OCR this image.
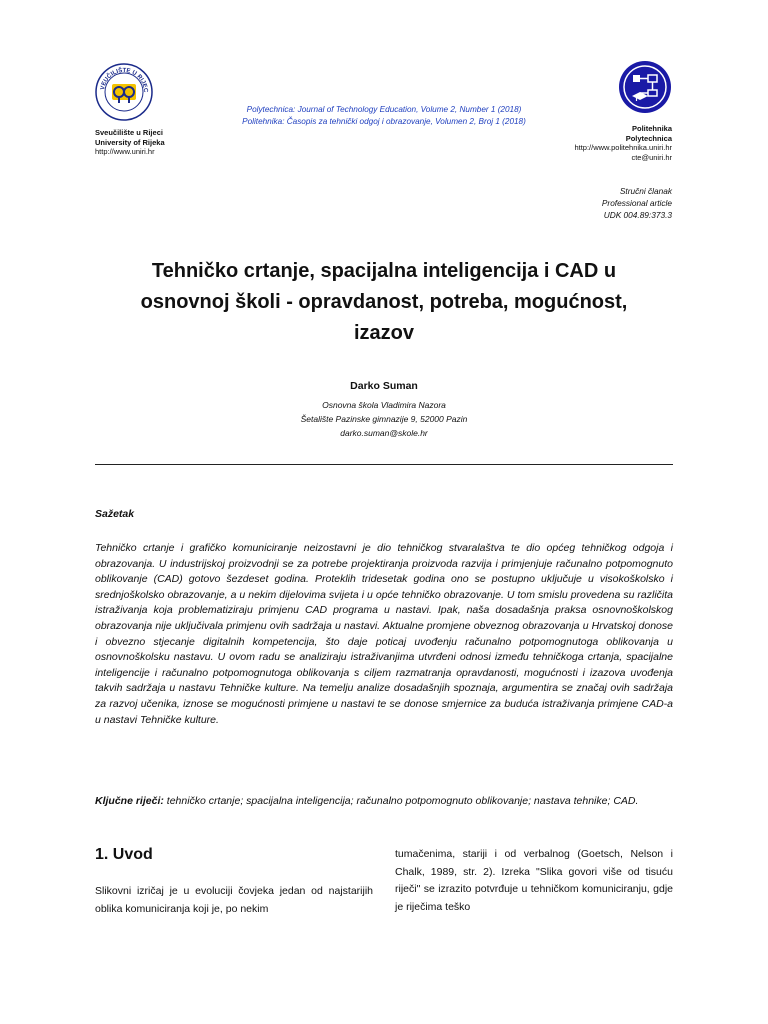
VEUČILIŠTE U RIJEC
Sveučilište u Rijeci
University of Rijeka
http://www.uniri.hr
Polytechnica: Journal of Technology Education, Volume 2, Number 1 (2018)
Politehnika: Časopis za tehnički odgoj i obrazovanje, Volumen 2, Broj 1 (2018)
Politehnika
Polytechnica
http://www.politehnika.uniri.hr
cte@uniri.hr
Stručni članak
Professional article
UDK 004.89:373.3
Tehničko crtanje, spacijalna inteligencija i CAD u osnovnoj školi - opravdanost, potreba, mogućnost, izazov
Darko Suman
Osnovna škola Vladimira Nazora
Šetalište Pazinske gimnazije 9, 52000 Pazin
darko.suman@skole.hr
Sažetak
Tehničko crtanje i grafičko komuniciranje neizostavni je dio tehničkog stvaralaštva te dio općeg tehničkog odgoja i obrazovanja. U industrijskoj proizvodnji se za potrebe projektiranja proizvoda razvija i primjenjuje računalno potpomognuto oblikovanje (CAD) gotovo šezdeset godina. Proteklih tridesetak godina ono se postupno uključuje u visokoškolsko i srednjoškolsko obrazovanje, a u nekim dijelovima svijeta i u opće tehničko obrazovanje. U tom smislu provedena su različita istraživanja koja problematiziraju primjenu CAD programa u nastavi. Ipak, naša dosadašnja praksa osnovnoškolskog obrazovanja nije uključivala primjenu ovih sadržaja u nastavi. Aktualne promjene obveznog obrazovanja u Hrvatskoj donose i obvezno stjecanje digitalnih kompetencija, što daje poticaj uvođenju računalno potpomognutoga oblikovanja u osnovnoškolsku nastavu. U ovom radu se analiziraju istraživanjima utvrđeni odnosi između tehničkoga crtanja, spacijalne inteligencije i računalno potpomognutoga oblikovanja s ciljem razmatranja opravdanosti, mogućnosti i izazova uvođenja takvih sadržaja u nastavu Tehničke kulture. Na temelju analize dosadašnjih spoznaja, argumentira se značaj ovih sadržaja za razvoj učenika, iznose se mogućnosti primjene u nastavi te se donose smjernice za buduća istraživanja primjene CAD-a u nastavi Tehničke kulture.
Ključne riječi: tehničko crtanje; spacijalna inteligencija; računalno potpomognuto oblikovanje; nastava tehnike; CAD.
1. Uvod
Slikovni izričaj je u evoluciji čovjeka jedan od najstarijih oblika komuniciranja koji je, po nekim
tumačenima, stariji i od verbalnog (Goetsch, Nelson i Chalk, 1989, str. 2). Izreka "Slika govori više od tisuću riječi" se izrazito potvrđuje u tehničkom komuniciranju, gdje je riječima teško
